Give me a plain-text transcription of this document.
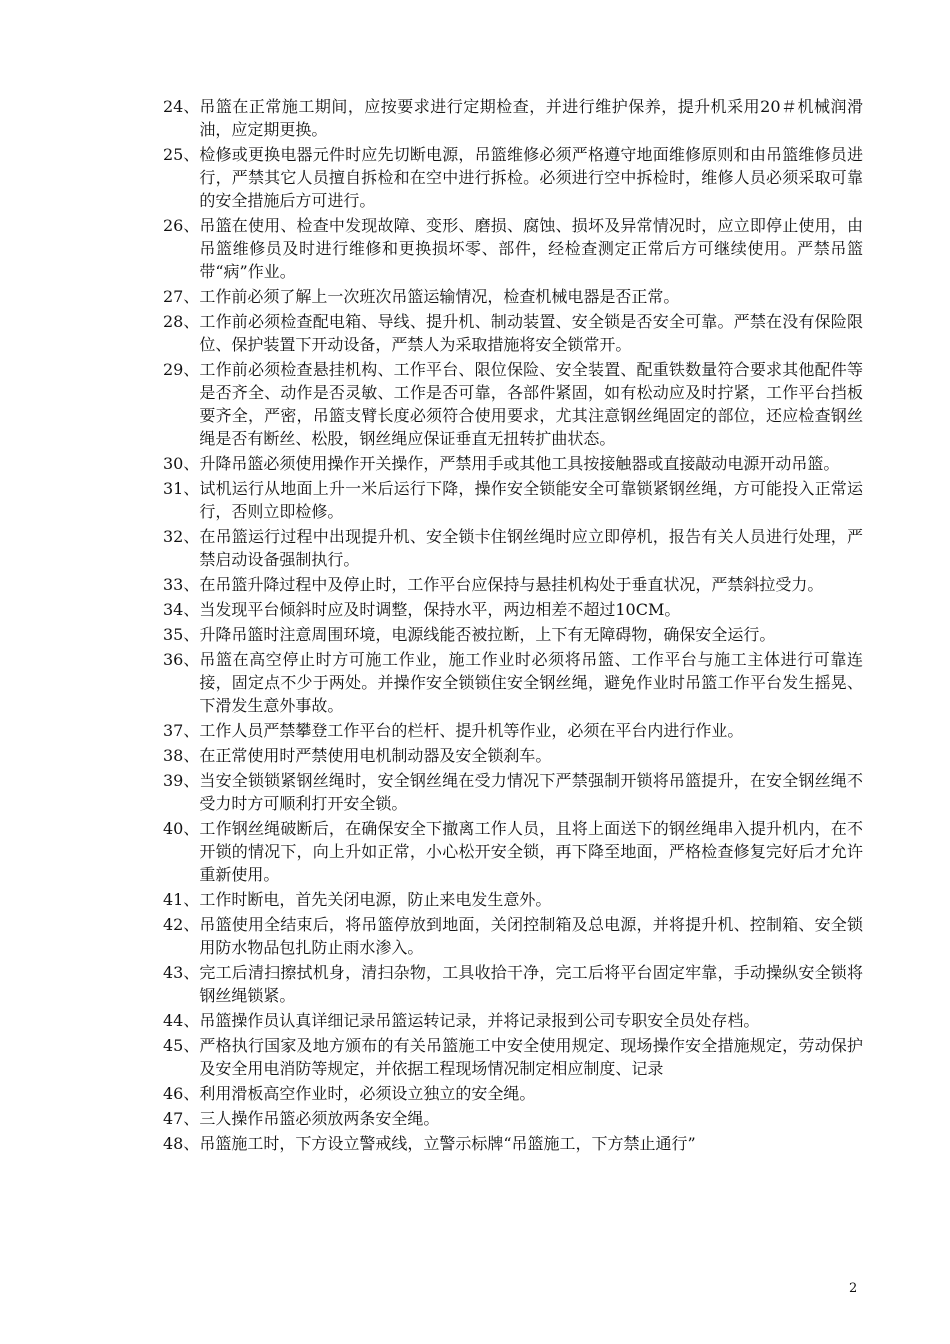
24、 吊篮在正常施工期间，应按要求进行定期检查，并进行维护保养，提升机采用20＃机械润滑油，应定期更换。
25、 检修或更换电器元件时应先切断电源，吊篮维修必须严格遵守地面维修原则和由吊篮维修员进行，严禁其它人员擅自拆检和在空中进行拆检。必须进行空中拆检时，维修人员必须采取可靠的安全措施后方可进行。
26、 吊篮在使用、检查中发现故障、变形、磨损、腐蚀、损坏及异常情况时，应立即停止使用，由吊篮维修员及时进行维修和更换损坏零、部件，经检查测定正常后方可继续使用。严禁吊篮带“病”作业。
27、 工作前必须了解上一次班次吊篮运输情况，检查机械电器是否正常。
28、 工作前必须检查配电箱、导线、提升机、制动装置、安全锁是否安全可靠。严禁在没有保险限位、保护装置下开动设备，严禁人为采取措施将安全锁常开。
29、 工作前必须检查悬挂机构、工作平台、限位保险、安全装置、配重铁数量符合要求其他配件等是否齐全、动作是否灵敏、工作是否可靠，各部件紧固，如有松动应及时拧紧，工作平台挡板要齐全，严密，吊篮支臂长度必须符合使用要求，尤其注意钢丝绳固定的部位，还应检查钢丝绳是否有断丝、松股，钢丝绳应保证垂直无扭转扩曲状态。
30、 升降吊篮必须使用操作开关操作，严禁用手或其他工具按接触器或直接敲动电源开动吊篮。
31、 试机运行从地面上升一米后运行下降，操作安全锁能安全可靠锁紧钢丝绳，方可能投入正常运行，否则立即检修。
32、 在吊篮运行过程中出现提升机、安全锁卡住钢丝绳时应立即停机，报告有关人员进行处理，严禁启动设备强制执行。
33、 在吊篮升降过程中及停止时，工作平台应保持与悬挂机构处于垂直状况，严禁斜拉受力。
34、 当发现平台倾斜时应及时调整，保持水平，两边相差不超过10CM。
35、 升降吊篮时注意周围环境，电源线能否被拉断，上下有无障碍物，确保安全运行。
36、 吊篮在高空停止时方可施工作业，施工作业时必须将吊篮、工作平台与施工主体进行可靠连接，固定点不少于两处。并操作安全锁锁住安全钢丝绳，避免作业时吊篮工作平台发生摇晃、下滑发生意外事故。
37、 工作人员严禁攀登工作平台的栏杆、提升机等作业，必须在平台内进行作业。
38、 在正常使用时严禁使用电机制动器及安全锁刹车。
39、 当安全锁锁紧钢丝绳时，安全钢丝绳在受力情况下严禁强制开锁将吊篮提升，在安全钢丝绳不受力时方可顺利打开安全锁。
40、 工作钢丝绳破断后，在确保安全下撤离工作人员，且将上面送下的钢丝绳串入提升机内，在不开锁的情况下，向上升如正常，小心松开安全锁，再下降至地面，严格检查修复完好后才允许重新使用。
41、 工作时断电，首先关闭电源，防止来电发生意外。
42、 吊篮使用全结束后，将吊篮停放到地面，关闭控制箱及总电源，并将提升机、控制箱、安全锁用防水物品包扎防止雨水渗入。
43、 完工后清扫擦拭机身，清扫杂物，工具收拾干净，完工后将平台固定牢靠，手动操纵安全锁将钢丝绳锁紧。
44、 吊篮操作员认真详细记录吊篮运转记录，并将记录报到公司专职安全员处存档。
45、 严格执行国家及地方颁布的有关吊篮施工中安全使用规定、现场操作安全措施规定，劳动保护及安全用电消防等规定，并依据工程现场情况制定相应制度、记录
46、 利用滑板高空作业时，必须设立独立的安全绳。
47、 三人操作吊篮必须放两条安全绳。
48、 吊篮施工时，下方设立警戒线，立警示标牌“吊篮施工，下方禁止通行”
2
